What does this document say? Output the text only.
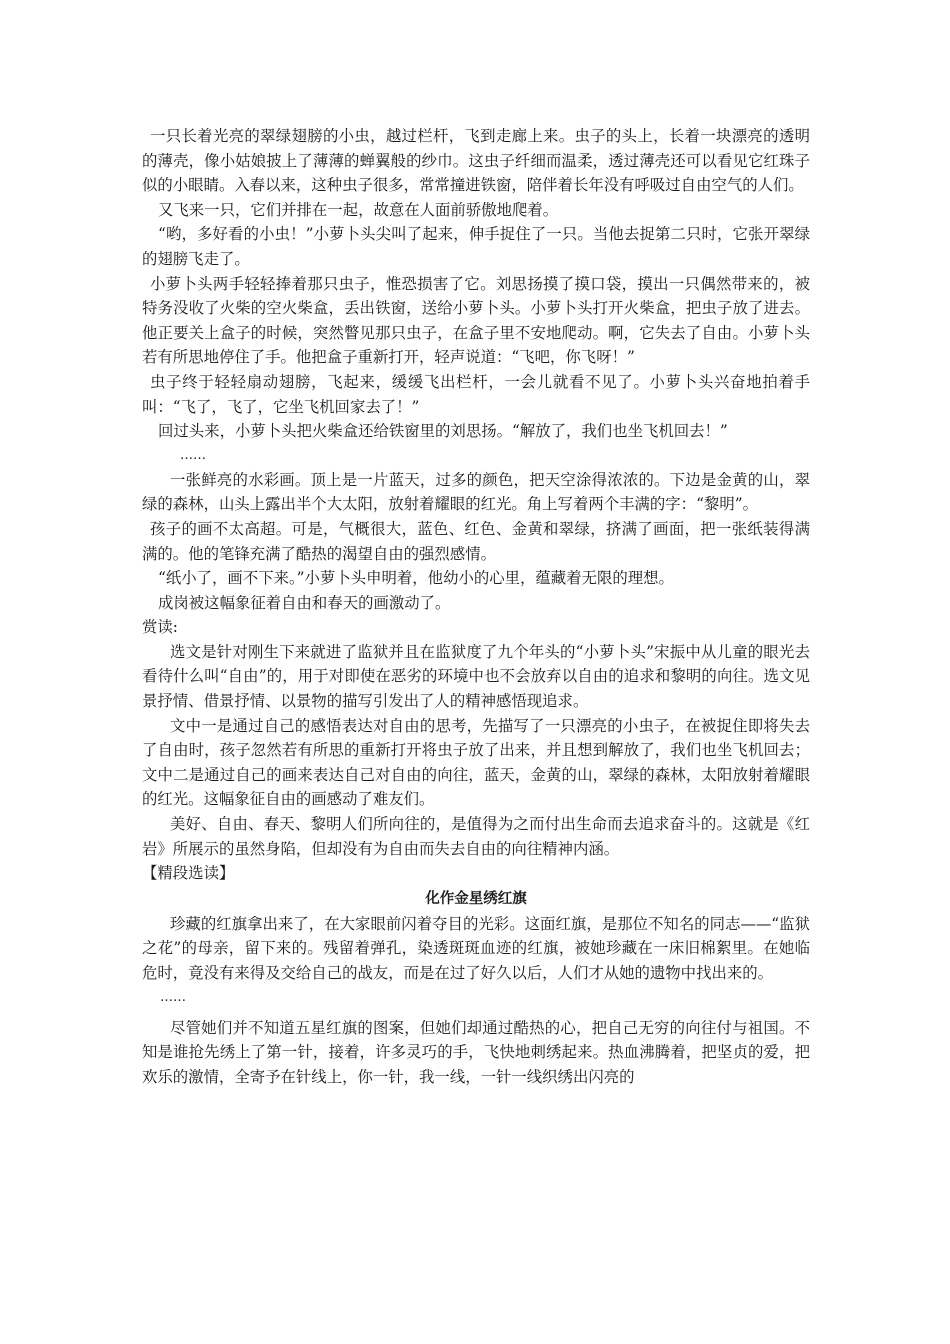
一只长着光亮的翠绿翅膀的小虫，越过栏杆，飞到走廊上来。虫子的头上，长着一块漂亮的透明的薄壳，像小姑娘披上了薄薄的蝉翼般的纱巾。这虫子纤细而温柔，透过薄壳还可以看见它红珠子似的小眼睛。入春以来，这种虫子很多，常常撞进铁窗，陪伴着长年没有呼吸过自由空气的人们。

又飞来一只，它们并排在一起，故意在人面前骄傲地爬着。

“哟，多好看的小虫！”小萝卜头尖叫了起来，伸手捉住了一只。当他去捉第二只时，它张开翠绿的翅膀飞走了。

小萝卜头两手轻轻捧着那只虫子，惟恐损害了它。刘思扬摸了摸口袋，摸出一只偶然带来的，被特务没收了火柴的空火柴盒，丢出铁窗，送给小萝卜头。小萝卜头打开火柴盒，把虫子放了进去。他正要关上盒子的时候，突然瞥见那只虫子，在盒子里不安地爬动。啊，它失去了自由。小萝卜头若有所思地停住了手。他把盒子重新打开，轻声说道：“飞吧，你飞呀！”

虫子终于轻轻扇动翅膀，飞起来，缓缓飞出栏杆，一会儿就看不见了。小萝卜头兴奋地拍着手叫：“飞了，飞了，它坐飞机回家去了！”

回过头来，小萝卜头把火柴盒还给铁窗里的刘思扬。“解放了，我们也坐飞机回去！”

……

一张鲜亮的水彩画。顶上是一片蓝天，过多的颜色，把天空涂得浓浓的。下边是金黄的山，翠绿的森林，山头上露出半个大太阳，放射着耀眼的红光。角上写着两个丰满的字：“黎明”。

孩子的画不太高超。可是，气概很大，蓝色、红色、金黄和翠绿，挤满了画面，把一张纸装得满满的。他的笔锋充满了酷热的渴望自由的强烈感情。

“纸小了，画不下来。”小萝卜头申明着，他幼小的心里，蕴藏着无限的理想。

成岗被这幅象征着自由和春天的画激动了。

赏读:

选文是针对刚生下来就进了监狱并且在监狱度了九个年头的“小萝卜头”宋振中从儿童的眼光去看待什么叫“自由”的，用于对即使在恶劣的环境中也不会放弃以自由的追求和黎明的向往。选文见景抒情、借景抒情、以景物的描写引发出了人的精神感悟现追求。

文中一是通过自己的感悟表达对自由的思考，先描写了一只漂亮的小虫子，在被捉住即将失去了自由时，孩子忽然若有所思的重新打开将虫子放了出来，并且想到解放了，我们也坐飞机回去；文中二是通过自己的画来表达自己对自由的向往，蓝天，金黄的山，翠绿的森林，太阳放射着耀眼的红光。这幅象征自由的画感动了难友们。

美好、自由、春天、黎明人们所向往的，是值得为之而付出生命而去追求奋斗的。这就是《红岩》所展示的虽然身陷，但却没有为自由而失去自由的向往精神内涵。

【精段选读】

化作金星绣红旗

珍藏的红旗拿出来了，在大家眼前闪着夺目的光彩。这面红旗，是那位不知名的同志——“监狱之花”的母亲，留下来的。残留着弹孔，染透斑斑血迹的红旗，被她珍藏在一床旧棉絮里。在她临危时，竟没有来得及交给自己的战友，而是在过了好久以后，人们才从她的遗物中找出来的。

……

尽管她们并不知道五星红旗的图案，但她们却通过酷热的心，把自己无穷的向往付与祖国。不知是谁抢先绣上了第一针，接着，许多灵巧的手，飞快地刺绣起来。热血沸腾着，把坚贞的爱，把欢乐的激情，全寄予在针线上，你一针，我一线，一针一线织绣出闪亮的
